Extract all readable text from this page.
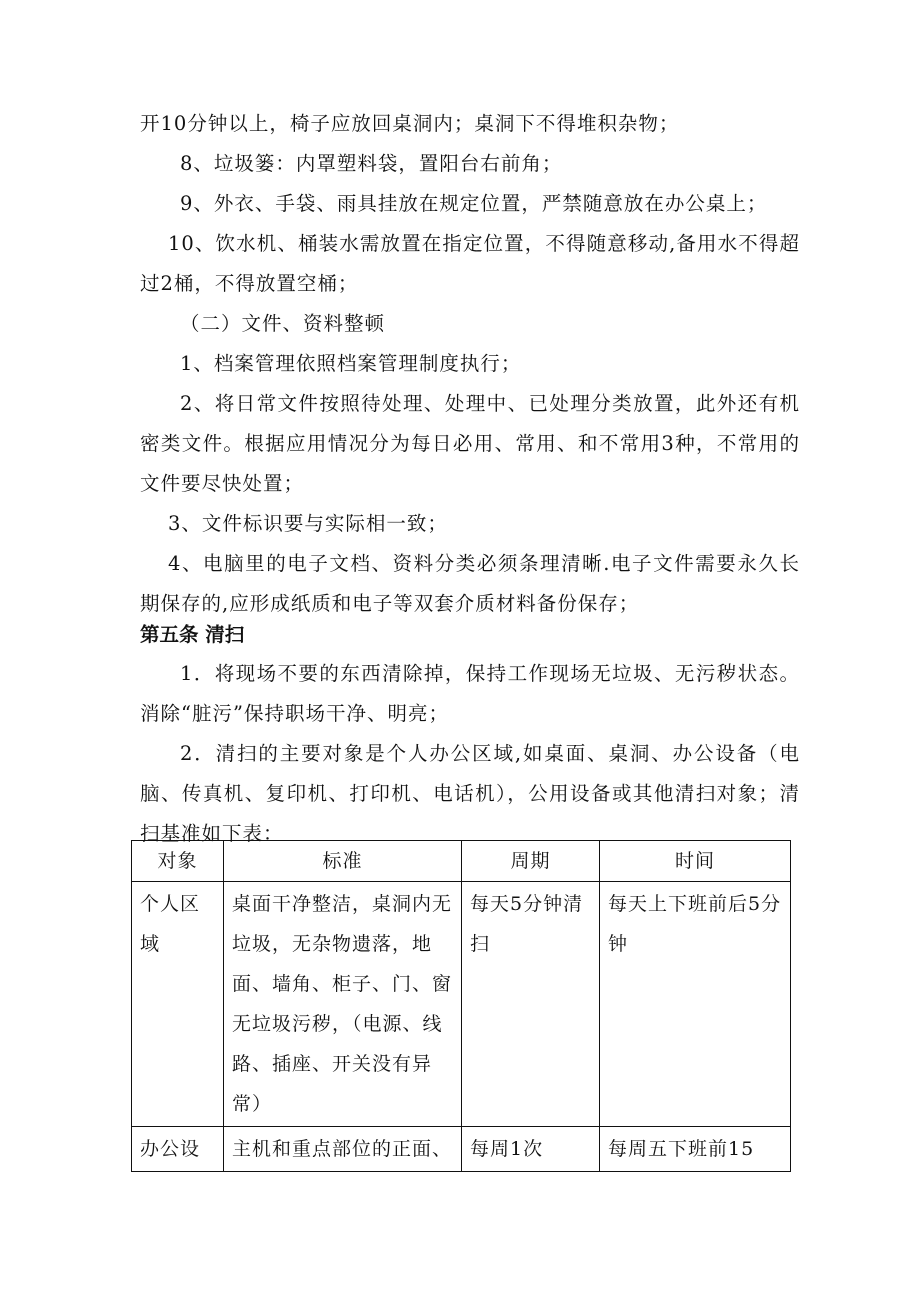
开10分钟以上，椅子应放回桌洞内；桌洞下不得堆积杂物；

8、垃圾篓：内罩塑料袋，置阳台右前角；

9、外衣、手袋、雨具挂放在规定位置，严禁随意放在办公桌上；

10、饮水机、桶装水需放置在指定位置，不得随意移动,备用水不得超过2桶，不得放置空桶；

（二）文件、资料整顿

1、档案管理依照档案管理制度执行；

2、将日常文件按照待处理、处理中、已处理分类放置，此外还有机密类文件。根据应用情况分为每日必用、常用、和不常用3种，不常用的文件要尽快处置；

3、文件标识要与实际相一致；

4、电脑里的电子文档、资料分类必须条理清晰.电子文件需要永久长期保存的,应形成纸质和电子等双套介质材料备份保存；

第五条 清扫

1．将现场不要的东西清除掉，保持工作现场无垃圾、无污秽状态。消除“脏污”保持职场干净、明亮；

2．清扫的主要对象是个人办公区域,如桌面、桌洞、办公设备（电脑、传真机、复印机、打印机、电话机），公用设备或其他清扫对象；清扫基准如下表：

对象	标准	周期	时间
个人区域	桌面干净整洁，桌洞内无垃圾，无杂物遗落，地面、墙角、柜子、门、窗无垃圾污秽，（电源、线路、插座、开关没有异常）	每天5分钟清扫	每天上下班前后5分钟
办公设	主机和重点部位的正面、	每周1次	每周五下班前15
